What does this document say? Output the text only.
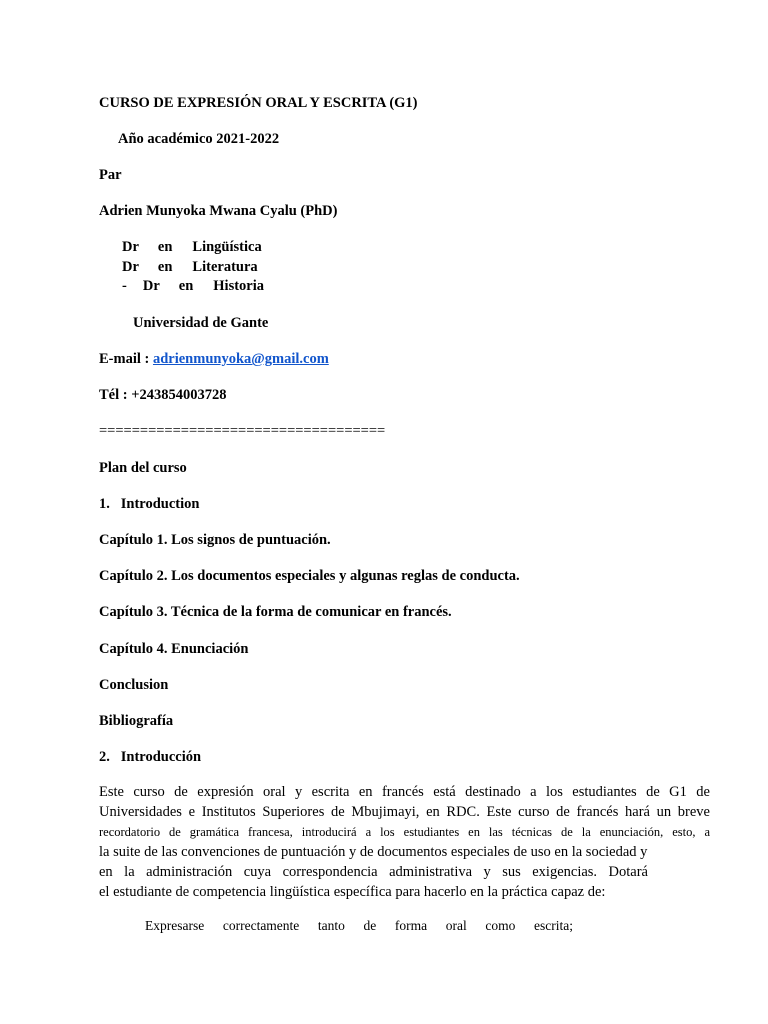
CURSO DE EXPRESIÓN ORAL Y ESCRITA (G1)
Año académico 2021-2022
Par
Adrien Munyoka Mwana Cyalu (PhD)
Dr en Lingüística
Dr en Literatura
- Dr en Historia
Universidad de Gante
E-mail : adrienmunyoka@gmail.com
Tél : +243854003728
===================================
Plan del curso
1.   Introduction
Capítulo 1. Los signos de puntuación.
Capítulo 2. Los documentos especiales y algunas reglas de conducta.
Capítulo 3. Técnica de la forma de comunicar en francés.
Capítulo 4. Enunciación
Conclusion
Bibliografía
2.   Introducción
Este curso de expresión oral y escrita en francés está destinado a los estudiantes de G1 de
Universidades e Institutos Superiores de Mbujimayi, en RDC. Este curso de francés hará un breve
recordatorio de gramática francesa, introducirá a los estudiantes en las técnicas de la enunciación, esto, a
la suite de las convenciones de puntuación y de documentos especiales de uso en la sociedad y
en la administración cuya correspondencia administrativa y sus exigencias. Dotará
el estudiante de competencia lingüística específica para hacerlo en la práctica capaz de:
Expresarse correctamente tanto de forma oral como escrita;
